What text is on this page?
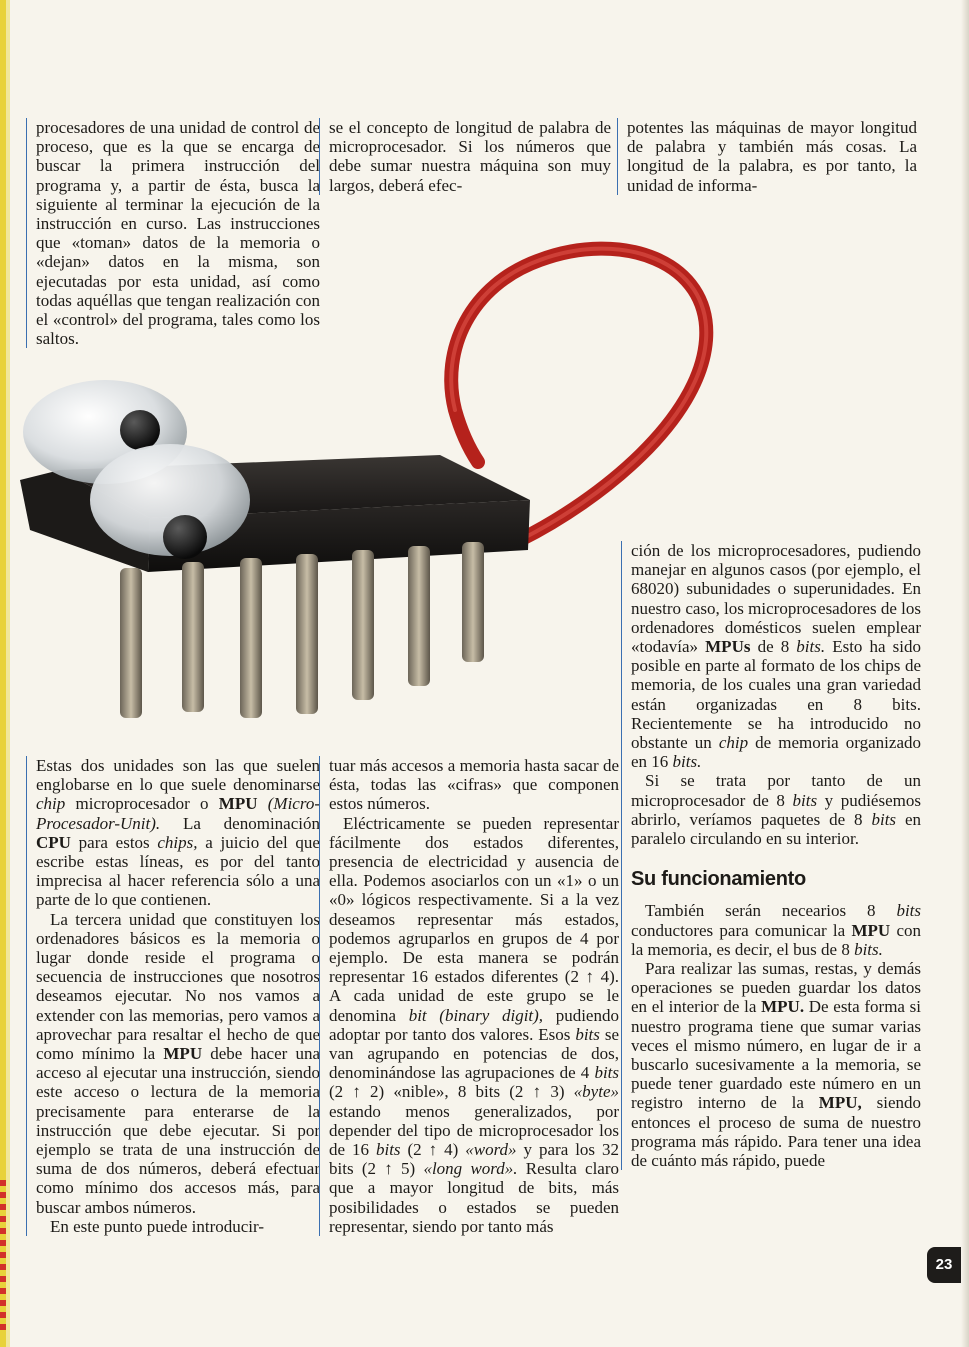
procesadores de una unidad de control de proceso, que es la que se encarga de buscar la primera instrucción del programa y, a partir de ésta, busca la siguiente al terminar la ejecución de la instrucción en curso. Las instrucciones que «toman» datos de la memoria o «dejan» datos en la misma, son ejecutadas por esta unidad, así como todas aquéllas que tengan realización con el «control» del programa, tales como los saltos.

se el concepto de longitud de palabra de microprocesador. Si los números que debe sumar nuestra máquina son muy largos, deberá efec-

potentes las máquinas de mayor longitud de palabra y también más cosas. La longitud de la palabra, es por tanto, la unidad de informa-

Estas dos unidades son las que suelen englobarse en lo que suele denominarse chip microprocesador o MPU (Micro-Procesador-Unit). La denominación CPU para estos chips, a juicio del que escribe estas líneas, es por del tanto imprecisa al hacer referencia sólo a una parte de lo que contienen.

La tercera unidad que constituyen los ordenadores básicos es la memoria o lugar donde reside el programa o secuencia de instrucciones que nosotros deseamos ejecutar. No nos vamos a extender con las memorias, pero vamos a aprovechar para resaltar el hecho de que como mínimo la MPU debe hacer una acceso al ejecutar una instrucción, siendo este acceso o lectura de la memoria precisamente para enterarse de la instrucción que debe ejecutar. Si por ejemplo se trata de una instrucción de suma de dos números, deberá efectuar como mínimo dos accesos más, para buscar ambos números.

En este punto puede introducir-

tuar más accesos a memoria hasta sacar de ésta, todas las «cifras» que componen estos números.

Eléctricamente se pueden representar fácilmente dos estados diferentes, presencia de electricidad y ausencia de ella. Podemos asociarlos con un «1» o un «0» lógicos respectivamente. Si a la vez deseamos representar más estados, podemos agruparlos en grupos de 4 por ejemplo. De esta manera se podrán representar 16 estados diferentes (2 ↑ 4). A cada unidad de este grupo se le denomina bit (binary digit), pudiendo adoptar por tanto dos valores. Esos bits se van agrupando en potencias de dos, denominándose las agrupaciones de 4 bits (2 ↑ 2) «nible», 8 bits (2 ↑ 3) «byte» estando menos generalizados, por depender del tipo de microprocesador los de 16 bits (2 ↑ 4) «word» y para los 32 bits (2 ↑ 5) «long word». Resulta claro que a mayor longitud de bits, más posibilidades o estados se pueden representar, siendo por tanto más

ción de los microprocesadores, pudiendo manejar en algunos casos (por ejemplo, el 68020) subunidades o superunidades. En nuestro caso, los microprocesadores de los ordenadores domésticos suelen emplear «todavía» MPUs de 8 bits. Esto ha sido posible en parte al formato de los chips de memoria, de los cuales una gran variedad están organizadas en 8 bits. Recientemente se ha introducido no obstante un chip de memoria organizado en 16 bits.

Si se trata por tanto de un microprocesador de 8 bits y pudiésemos abrirlo, veríamos paquetes de 8 bits en paralelo circulando en su interior.

Su funcionamiento

También serán necearios 8 bits conductores para comunicar la MPU con la memoria, es decir, el bus de 8 bits.

Para realizar las sumas, restas, y demás operaciones se pueden guardar los datos en el interior de la MPU. De esta forma si nuestro programa tiene que sumar varias veces el mismo número, en lugar de ir a buscarlo sucesivamente a la memoria, se puede tener guardado este número en un registro interno de la MPU, siendo entonces el proceso de suma de nuestro programa más rápido. Para tener una idea de cuánto más rápido, puede

23
